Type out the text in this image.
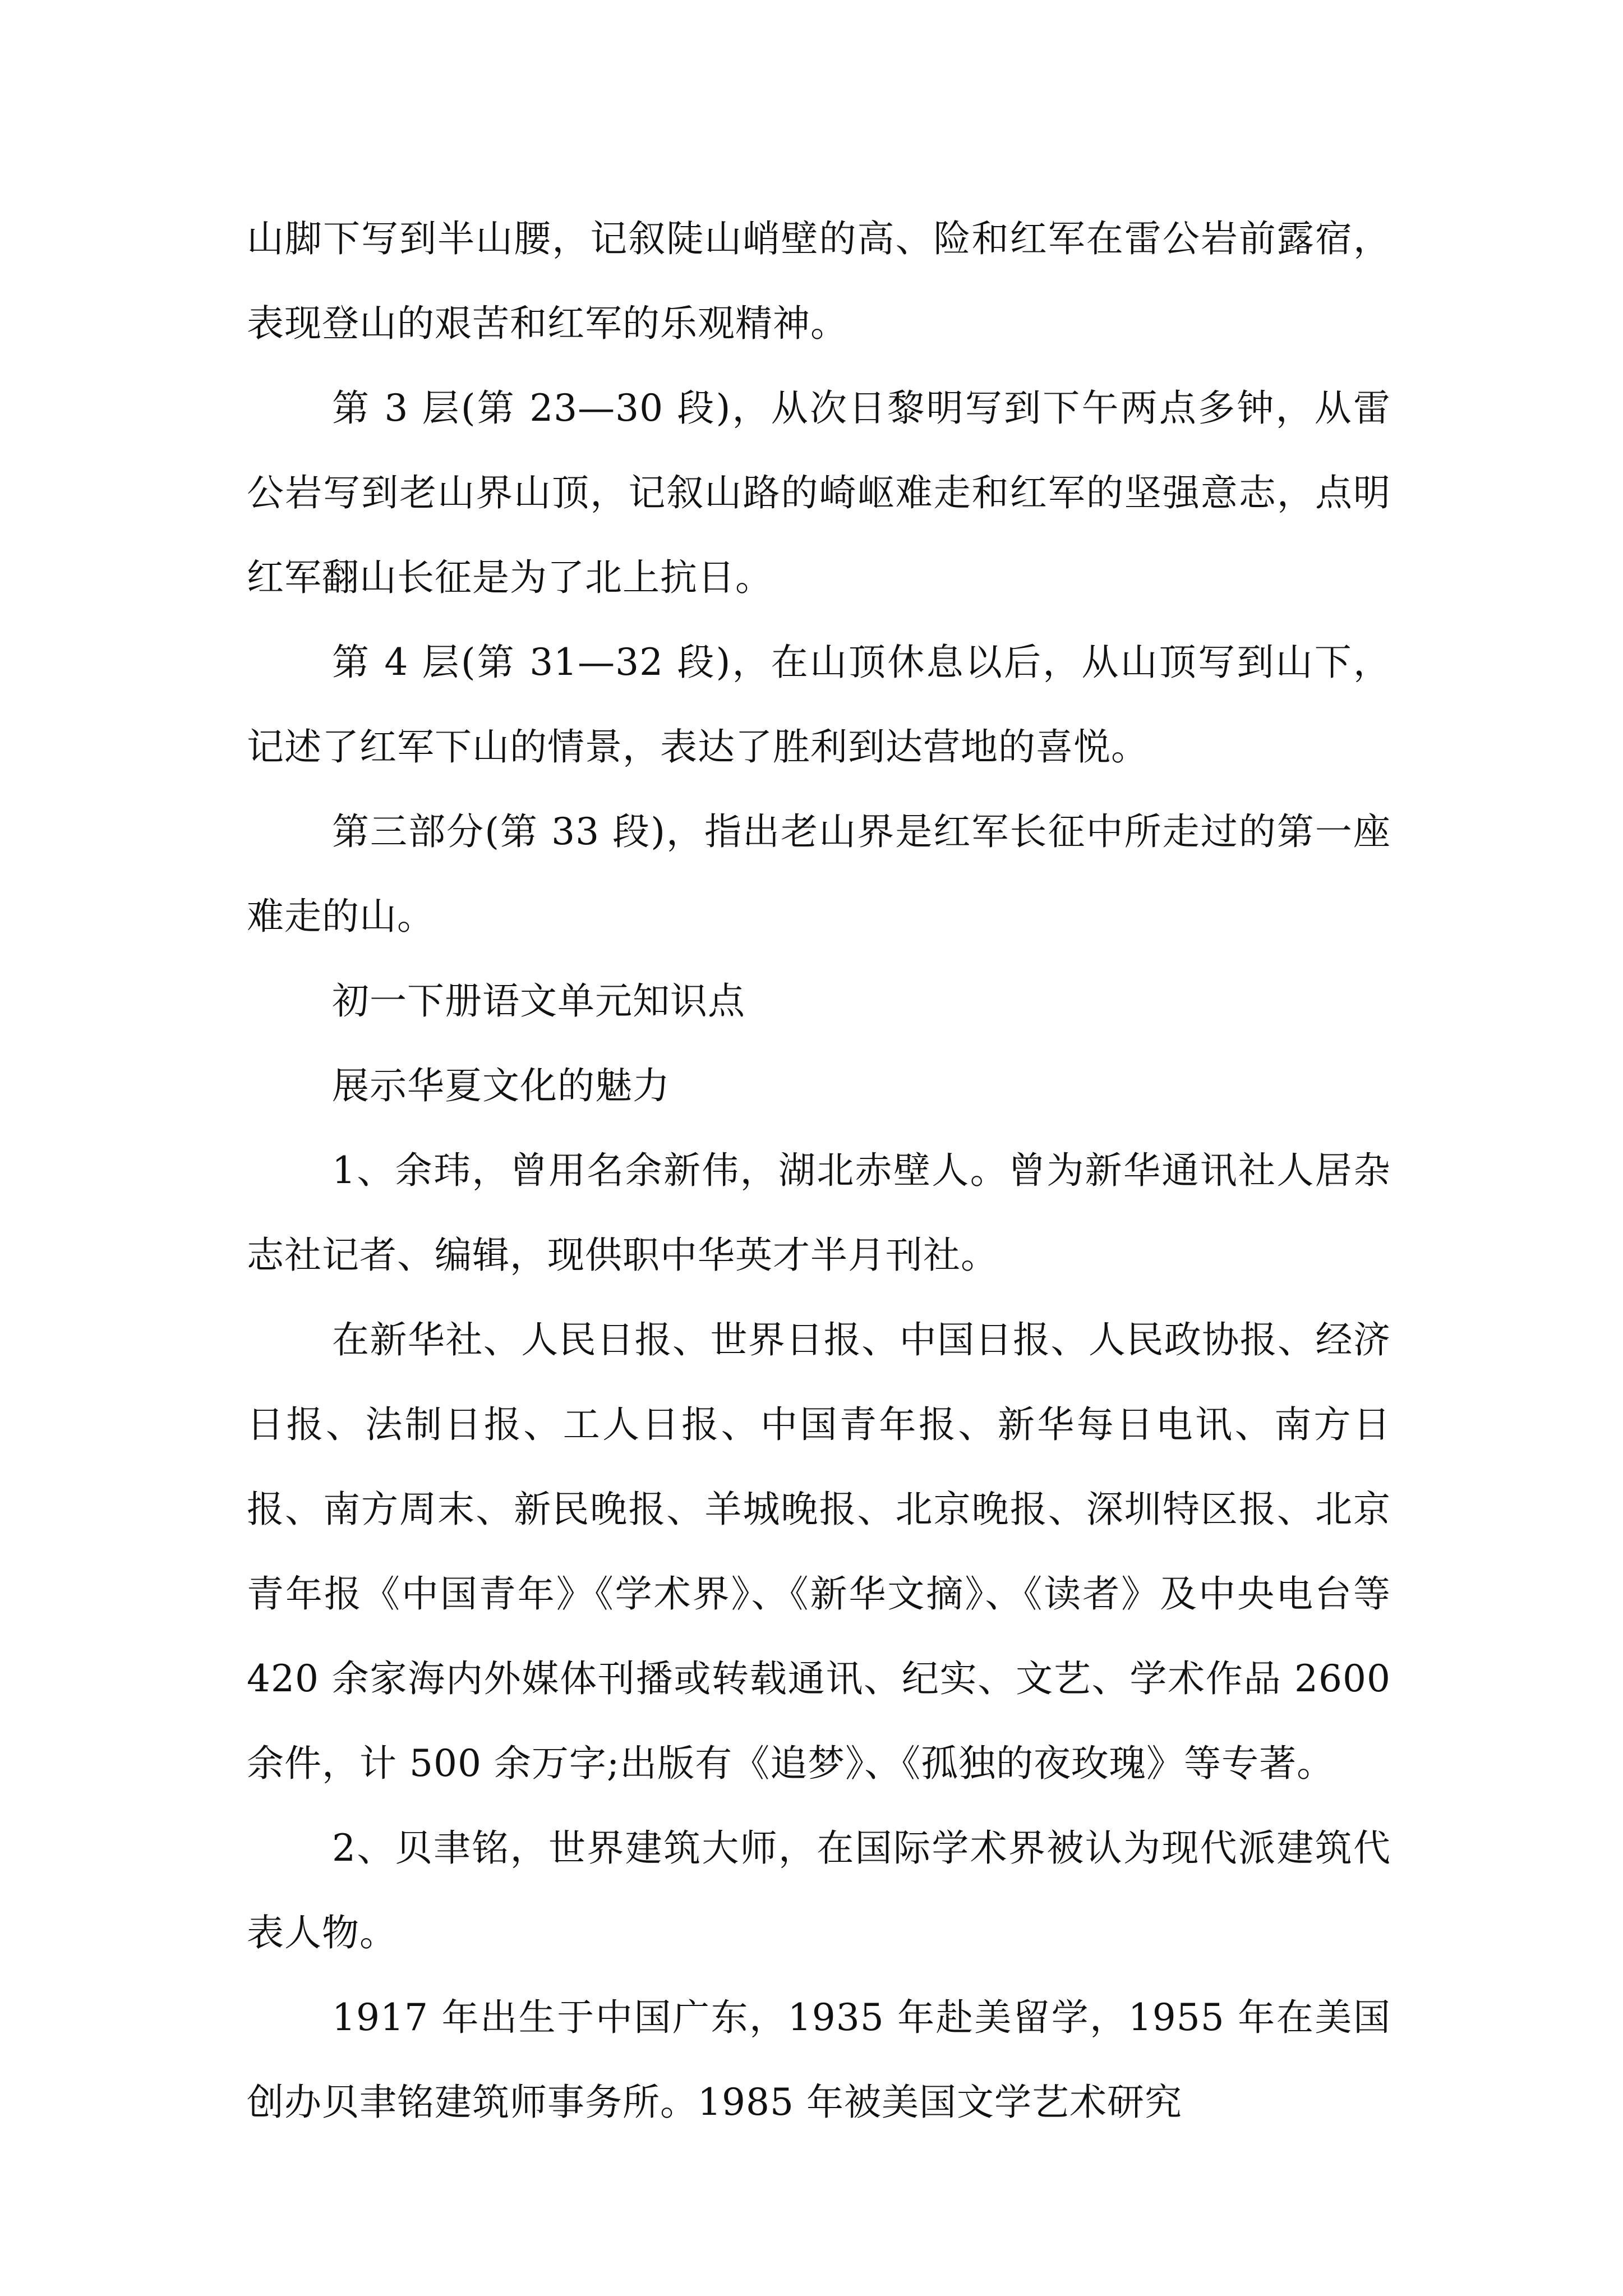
山脚下写到半山腰，记叙陡山峭壁的高、险和红军在雷公岩前露宿，表现登山的艰苦和红军的乐观精神。

第 3 层(第 23—30 段)，从次日黎明写到下午两点多钟，从雷公岩写到老山界山顶，记叙山路的崎岖难走和红军的坚强意志，点明红军翻山长征是为了北上抗日。

第 4 层(第 31—32 段)，在山顶休息以后，从山顶写到山下，记述了红军下山的情景，表达了胜利到达营地的喜悦。

第三部分(第 33 段)，指出老山界是红军长征中所走过的第一座难走的山。

初一下册语文单元知识点

展示华夏文化的魅力

1、余玮，曾用名余新伟，湖北赤壁人。曾为新华通讯社人居杂志社记者、编辑，现供职中华英才半月刊社。

在新华社、人民日报、世界日报、中国日报、人民政协报、经济日报、法制日报、工人日报、中国青年报、新华每日电讯、南方日报、南方周末、新民晚报、羊城晚报、北京晚报、深圳特区报、北京青年报《中国青年》《学术界》、《新华文摘》、《读者》及中央电台等 420 余家海内外媒体刊播或转载通讯、纪实、文艺、学术作品 2600 余件，计 500 余万字;出版有《追梦》、《孤独的夜玫瑰》等专著。

2、贝聿铭，世界建筑大师，在国际学术界被认为现代派建筑代表人物。

1917 年出生于中国广东，1935 年赴美留学，1955 年在美国创办贝聿铭建筑师事务所。1985 年被美国文学艺术研究
